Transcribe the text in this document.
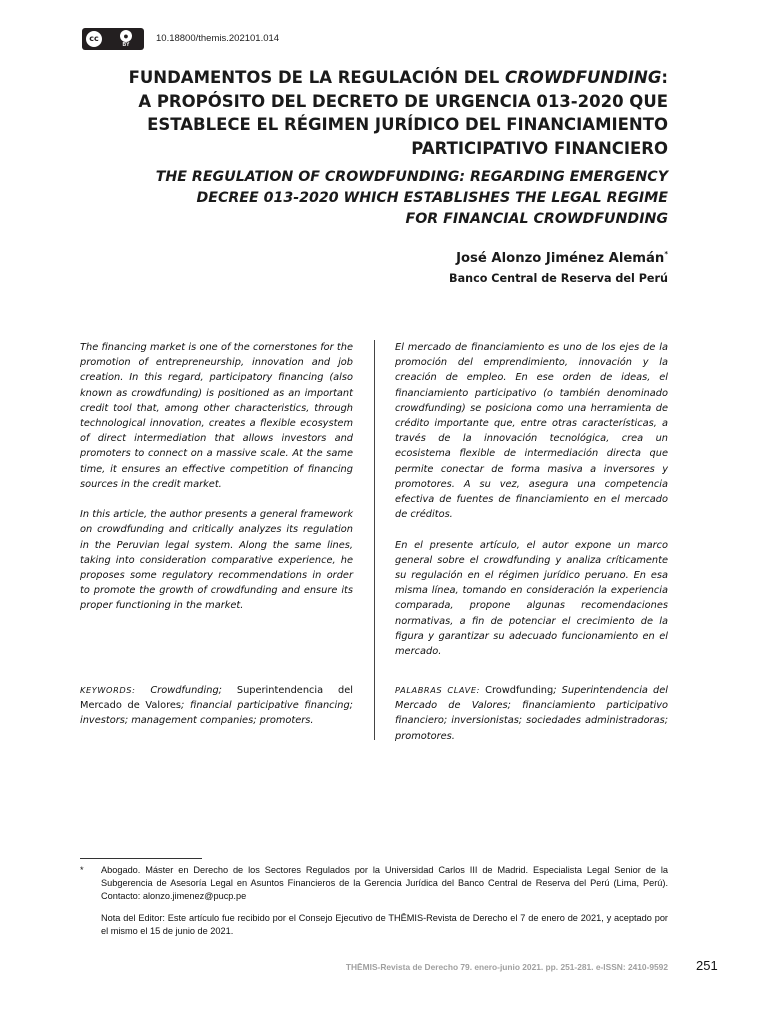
cc	●
BY
10.18800/themis.202101.014
FUNDAMENTOS DE LA REGULACIÓN DEL CROWDFUNDING:
A PROPÓSITO DEL DECRETO DE URGENCIA 013-2020 QUE
ESTABLECE EL RÉGIMEN JURÍDICO DEL FINANCIAMIENTO
PARTICIPATIVO FINANCIERO
THE REGULATION OF CROWDFUNDING: REGARDING EMERGENCY
DECREE 013-2020 WHICH ESTABLISHES THE LEGAL REGIME
FOR FINANCIAL CROWDFUNDING
José Alonzo Jiménez Alemán*
Banco Central de Reserva del Perú

The financing market is one of the cornerstones for the promotion of entrepreneurship, innovation and job creation. In this regard, participatory financing (also known as crowdfunding) is positioned as an important credit tool that, among other characteristics, through technological innovation, creates a flexible ecosystem of direct intermediation that allows investors and promoters to connect on a massive scale. At the same time, it ensures an effective competition of financing sources in the credit market.

In this article, the author presents a general framework on crowdfunding and critically analyzes its regulation in the Peruvian legal system. Along the same lines, taking into consideration comparative experience, he proposes some regulatory recommendations in order to promote the growth of crowdfunding and ensure its proper functioning in the market.

El mercado de financiamiento es uno de los ejes de la promoción del emprendimiento, innovación y la creación de empleo. En ese orden de ideas, el financiamiento participativo (o también denominado crowdfunding) se posiciona como una herramienta de crédito importante que, entre otras características, a través de la innovación tecnológica, crea un ecosistema flexible de intermediación directa que permite conectar de forma masiva a inversores y promotores. A su vez, asegura una competencia efectiva de fuentes de financiamiento en el mercado de créditos.

En el presente artículo, el autor expone un marco general sobre el crowdfunding y analiza críticamente su regulación en el régimen jurídico peruano. En esa misma línea, tomando en consideración la experiencia comparada, propone algunas recomendaciones normativas, a fin de potenciar el crecimiento de la figura y garantizar su adecuado funcionamiento en el mercado.

KEYWORDS: Crowdfunding; Superintendencia del Mercado de Valores; financial participative financing; investors; management companies; promoters.
PALABRAS CLAVE: Crowdfunding; Superintendencia del Mercado de Valores; financiamiento participativo financiero; inversionistas; sociedades administradoras; promotores.
* Abogado. Máster en Derecho de los Sectores Regulados por la Universidad Carlos III de Madrid. Especialista Legal Senior de la Subgerencia de Asesoría Legal en Asuntos Financieros de la Gerencia Jurídica del Banco Central de Reserva del Perú (Lima, Perú). Contacto: alonzo.jimenez@pucp.pe
Nota del Editor: Este artículo fue recibido por el Consejo Ejecutivo de THĒMIS-Revista de Derecho el 7 de enero de 2021, y aceptado por el mismo el 15 de junio de 2021.
THĒMIS-Revista de Derecho 79. enero-junio 2021. pp. 251-281. e-ISSN: 2410-9592 251
